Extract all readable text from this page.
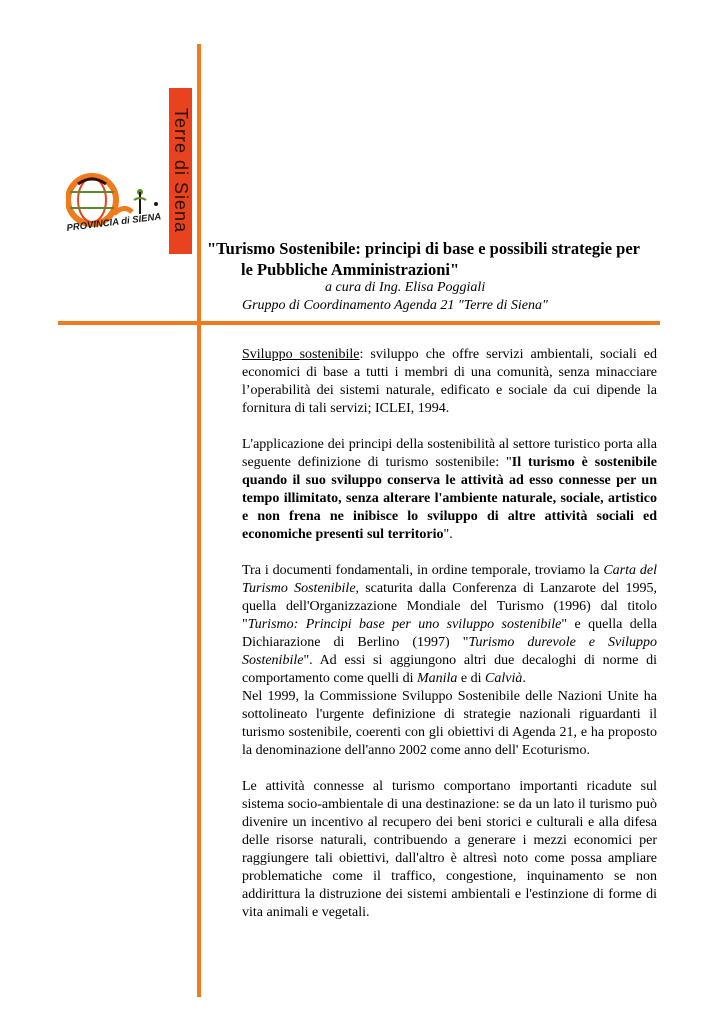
Terre di Siena
PROVINCIA di SIENA
"Turismo Sostenibile: principi di base e possibili strategie per
le Pubbliche Amministrazioni"
a cura di Ing. Elisa Poggiali
Gruppo di Coordinamento Agenda 21 "Terre di Siena"

Sviluppo sostenibile: sviluppo che offre servizi ambientali, sociali ed economici di base a tutti i membri di una comunità, senza minacciare l’operabilità dei sistemi naturale, edificato e sociale da cui dipende la fornitura di tali servizi; ICLEI, 1994.

L'applicazione dei principi della sostenibilità al settore turistico porta alla seguente definizione di turismo sostenibile: "Il turismo è sostenibile quando il suo sviluppo conserva le attività ad esso connesse per un tempo illimitato, senza alterare l'ambiente naturale, sociale, artistico e non frena ne inibisce lo sviluppo di altre attività sociali ed economiche presenti sul territorio".

Tra i documenti fondamentali, in ordine temporale, troviamo la Carta del Turismo Sostenibile, scaturita dalla Conferenza di Lanzarote del 1995, quella dell'Organizzazione Mondiale del Turismo (1996) dal titolo "Turismo: Principi base per uno sviluppo sostenibile" e quella della Dichiarazione di Berlino (1997) "Turismo durevole e Sviluppo Sostenibile". Ad essi si aggiungono altri due decaloghi di norme di comportamento come quelli di Manila e di Calvià.

Nel 1999, la Commissione Sviluppo Sostenibile delle Nazioni Unite ha sottolineato l'urgente definizione di strategie nazionali riguardanti il turismo sostenibile, coerenti con gli obiettivi di Agenda 21, e ha proposto la denominazione dell'anno 2002 come anno dell' Ecoturismo.

Le attività connesse al turismo comportano importanti ricadute sul sistema socio-ambientale di una destinazione: se da un lato il turismo può divenire un incentivo al recupero dei beni storici e culturali e alla difesa delle risorse naturali, contribuendo a generare i mezzi economici per raggiungere tali obiettivi, dall'altro è altresì noto come possa ampliare problematiche come il traffico, congestione, inquinamento se non addirittura la distruzione dei sistemi ambientali e l'estinzione di forme di vita animali e vegetali.
